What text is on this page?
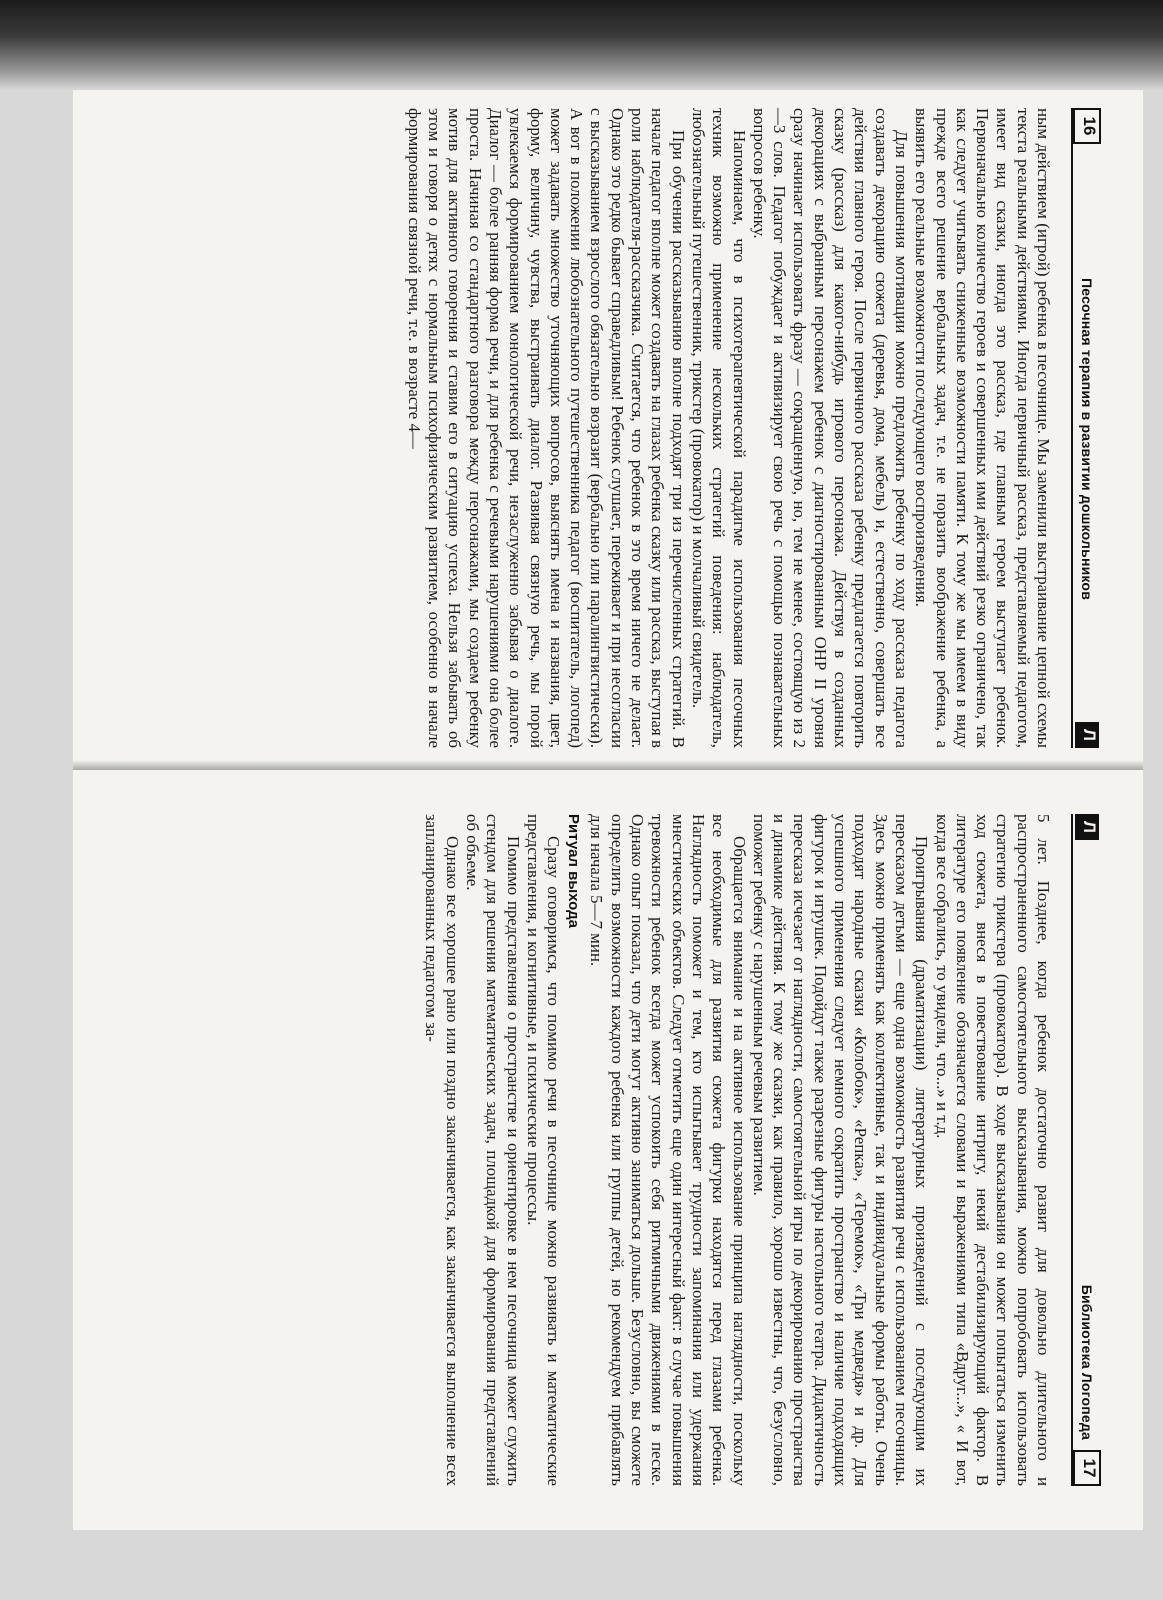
16
Песочная терапия в развитии дошкольников
Л

ным действием (игрой) ребенка в песочнице. Мы заменили выстраивание цепной схемы текста реальными действиями. Иногда первичный рассказ, представляемый педагогом, имеет вид сказки, иногда это рассказ, где главным героем выступает ребенок. Первоначально количество героев и совершенных ими действий резко ограничено, так как следует учитывать сниженные возможности памяти. К тому же мы имеем в виду прежде всего решение вербальных задач, т.е. не поразить воображение ребенка, а выявить его реальные возможности последующего воспроизведения.

Для повышения мотивации можно предложить ребенку по ходу рассказа педагога создавать декорацию сюжета (деревья, дома, мебель) и, естественно, совершать все действия главного героя. После первичного рассказа ребенку предлагается повторить сказку (рассказ) для какого-нибудь игрового персонажа. Действуя в созданных декорациях с выбранным персонажем ребенок с диагностированным ОНР II уровня сразу начинает использовать фразу — сокращенную, но, тем не менее, состоящую из 2—3 слов. Педагог побуждает и активизирует свою речь с помощью познавательных вопросов ребенку.

Напоминаем, что в психотерапевтической парадигме использования песочных техник возможно применение нескольких стратегий поведения: наблюдатель, любознательный путешественник, трикстер (провокатор) и молчаливый свидетель.

При обучении рассказыванию вполне подходят три из перечисленных стратегий. В начале педагог вполне может создавать на глазах ребенка сказку или рассказ, выступая в роли наблюдателя-рассказчика. Считается, что ребенок в это время ничего не делает. Однако это редко бывает справедливым! Ребенок слушает, переживает и при несогласии с высказыванием взрослого обязательно возразит (вербально или паралингвистически). А вот в положении любознательного путешественника педагог (воспитатель, логопед) может задавать множество уточняющих вопросов, выяснять имена и названия, цвет, форму, величину, чувства, выстраивать диалог. Развивая связную речь, мы порой увлекаемся формированием монологической речи, незаслуженно забывая о диалоге. Диалог — более ранняя форма речи, и для ребенка с речевыми нарушениями она более проста. Начиная со стандартного разговора между персонажами, мы создаем ребенку мотив для активного говорения и ставим его в ситуацию успеха. Нельзя забывать об этом и говоря о детях с нормальным психофизическим развитием, особенно в начале формирования связной речи, т.е. в возрасте 4—

Л
Библиотека Логопеда
17

5 лет. Позднее, когда ребенок достаточно развит для довольно длительного и распространенного самостоятельного высказывания, можно попробовать использовать стратегию трикстера (провокатора). В ходе высказывания он может попытаться изменить ход сюжета, внеся в повествование интригу, некий дестабилизирующий фактор. В литературе его появление обозначается словами и выражениями типа «Вдруг...», « И вот, когда все собрались, то увидели, что...» и т.д.

Проигрывания (драматизации) литературных произведений с последующим их пересказом детьми — еще одна возможность развития речи с использованием песочницы. Здесь можно применять как коллективные, так и индивидуальные формы работы. Очень подходят народные сказки «Колобок», «Репка», «Теремок», «Три медведя» и др. Для успешного применения следует немного сократить пространство и наличие подходящих фигурок и игрушек. Подойдут также разрезные фигуры настольного театра. Дидактичность пересказа исчезает от наглядности, самостоятельной игры по декорированию пространства и динамике действия. К тому же сказки, как правило, хорошо известны, что, безусловно, поможет ребенку с нарушенным речевым развитием.

Обращается внимание и на активное использование принципа наглядности, поскольку все необходимые для развития сюжета фигурки находятся перед глазами ребенка. Наглядность поможет и тем, кто испытывает трудности запоминания или удержания мнестических объектов. Следует отметить еще один интересный факт: в случае повышения тревожности ребенок всегда может успокоить себя ритмичными движениями в песке. Однако опыт показал, что дети могут активно заниматься дольше. Безусловно, вы сможете определить возможности каждого ребенка или группы детей, но рекомендуем прибавлять для начала 5—7 мин.

Ритуал выхода

Сразу оговоримся, что помимо речи в песочнице можно развивать и математические представления, и когнитивные, и психические процессы.

Помимо представления о пространстве и ориентировке в нем песочница может служить стендом для решения математических задач, площадкой для формирования представлений об объеме.

Однако все хорошее рано или поздно заканчивается, как заканчивается выполнение всех запланированных педагогом за-
